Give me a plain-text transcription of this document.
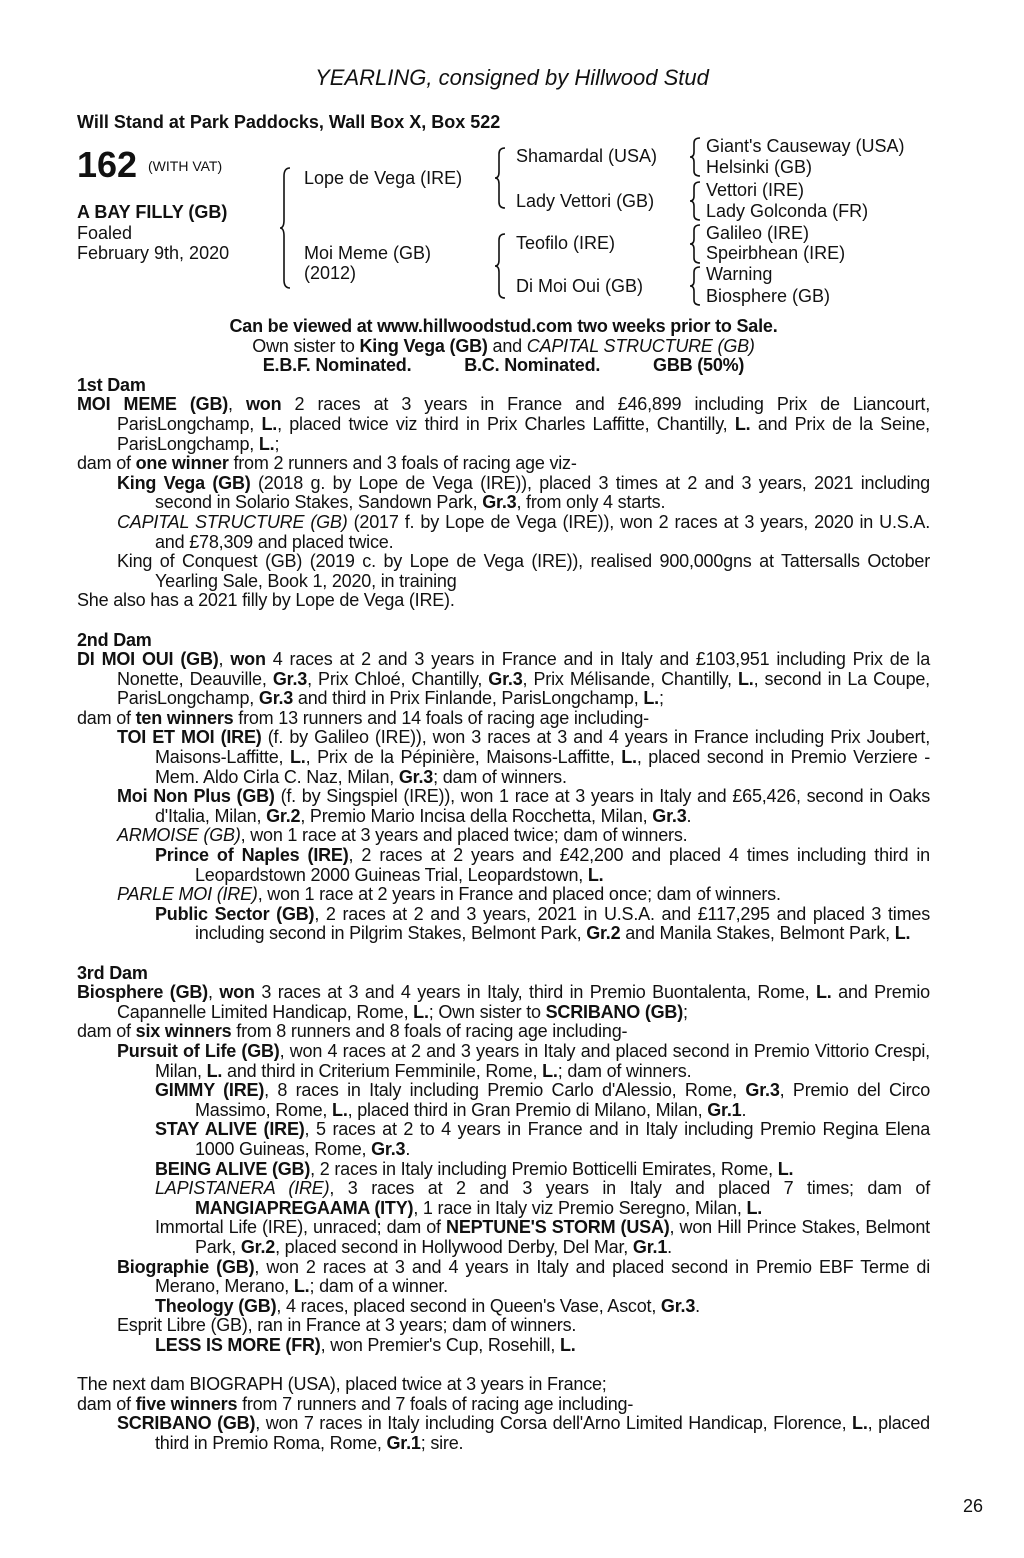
YEARLING, consigned by Hillwood Stud
Will Stand at Park Paddocks, Wall Box X, Box 522
162 (WITH VAT)
A BAY FILLY (GB)
Foaled
February 9th, 2020
Lope de Vega (IRE)
Moi Meme (GB)
(2012)
Shamardal (USA)
Lady Vettori (GB)
Teofilo (IRE)
Di Moi Oui (GB)
Giant's Causeway (USA)
Helsinki (GB)
Vettori (IRE)
Lady Golconda (FR)
Galileo (IRE)
Speirbhean (IRE)
Warning
Biosphere (GB)
Can be viewed at www.hillwoodstud.com two weeks prior to Sale.
Own sister to King Vega (GB) and CAPITAL STRUCTURE (GB)
E.B.F. Nominated.	B.C. Nominated.	GBB (50%)
1st Dam
MOI MEME (GB), won 2 races at 3 years in France and £46,899 including Prix de Liancourt, ParisLongchamp, L., placed twice viz third in Prix Charles Laffitte, Chantilly, L. and Prix de la Seine, ParisLongchamp, L.;
dam of one winner from 2 runners and 3 foals of racing age viz-
King Vega (GB) (2018 g. by Lope de Vega (IRE)), placed 3 times at 2 and 3 years, 2021 including second in Solario Stakes, Sandown Park, Gr.3, from only 4 starts.
CAPITAL STRUCTURE (GB) (2017 f. by Lope de Vega (IRE)), won 2 races at 3 years, 2020 in U.S.A. and £78,309 and placed twice.
King of Conquest (GB) (2019 c. by Lope de Vega (IRE)), realised 900,000gns at Tattersalls October Yearling Sale, Book 1, 2020, in training
She also has a 2021 filly by Lope de Vega (IRE).
2nd Dam
DI MOI OUI (GB), won 4 races at 2 and 3 years in France and in Italy and £103,951 including Prix de la Nonette, Deauville, Gr.3, Prix Chloé, Chantilly, Gr.3, Prix Mélisande, Chantilly, L., second in La Coupe, ParisLongchamp, Gr.3 and third in Prix Finlande, ParisLongchamp, L.;
dam of ten winners from 13 runners and 14 foals of racing age including-
TOI ET MOI (IRE) (f. by Galileo (IRE)), won 3 races at 3 and 4 years in France including Prix Joubert, Maisons-Laffitte, L., Prix de la Pépinière, Maisons-Laffitte, L., placed second in Premio Verziere - Mem. Aldo Cirla C. Naz, Milan, Gr.3; dam of winners.
Moi Non Plus (GB) (f. by Singspiel (IRE)), won 1 race at 3 years in Italy and £65,426, second in Oaks d'Italia, Milan, Gr.2, Premio Mario Incisa della Rocchetta, Milan, Gr.3.
ARMOISE (GB), won 1 race at 3 years and placed twice; dam of winners.
Prince of Naples (IRE), 2 races at 2 years and £42,200 and placed 4 times including third in Leopardstown 2000 Guineas Trial, Leopardstown, L.
PARLE MOI (IRE), won 1 race at 2 years in France and placed once; dam of winners.
Public Sector (GB), 2 races at 2 and 3 years, 2021 in U.S.A. and £117,295 and placed 3 times including second in Pilgrim Stakes, Belmont Park, Gr.2 and Manila Stakes, Belmont Park, L.
3rd Dam
Biosphere (GB), won 3 races at 3 and 4 years in Italy, third in Premio Buontalenta, Rome, L. and Premio Capannelle Limited Handicap, Rome, L.; Own sister to SCRIBANO (GB);
dam of six winners from 8 runners and 8 foals of racing age including-
Pursuit of Life (GB), won 4 races at 2 and 3 years in Italy and placed second in Premio Vittorio Crespi, Milan, L. and third in Criterium Femminile, Rome, L.; dam of winners.
GIMMY (IRE), 8 races in Italy including Premio Carlo d'Alessio, Rome, Gr.3, Premio del Circo Massimo, Rome, L., placed third in Gran Premio di Milano, Milan, Gr.1.
STAY ALIVE (IRE), 5 races at 2 to 4 years in France and in Italy including Premio Regina Elena 1000 Guineas, Rome, Gr.3.
BEING ALIVE (GB), 2 races in Italy including Premio Botticelli Emirates, Rome, L.
LAPISTANERA (IRE), 3 races at 2 and 3 years in Italy and placed 7 times; dam of MANGIAPREGAAMA (ITY), 1 race in Italy viz Premio Seregno, Milan, L.
Immortal Life (IRE), unraced; dam of NEPTUNE'S STORM (USA), won Hill Prince Stakes, Belmont Park, Gr.2, placed second in Hollywood Derby, Del Mar, Gr.1.
Biographie (GB), won 2 races at 3 and 4 years in Italy and placed second in Premio EBF Terme di Merano, Merano, L.; dam of a winner.
Theology (GB), 4 races, placed second in Queen's Vase, Ascot, Gr.3.
Esprit Libre (GB), ran in France at 3 years; dam of winners.
LESS IS MORE (FR), won Premier's Cup, Rosehill, L.
The next dam BIOGRAPH (USA), placed twice at 3 years in France;
dam of five winners from 7 runners and 7 foals of racing age including-
SCRIBANO (GB), won 7 races in Italy including Corsa dell'Arno Limited Handicap, Florence, L., placed third in Premio Roma, Rome, Gr.1; sire.
26
